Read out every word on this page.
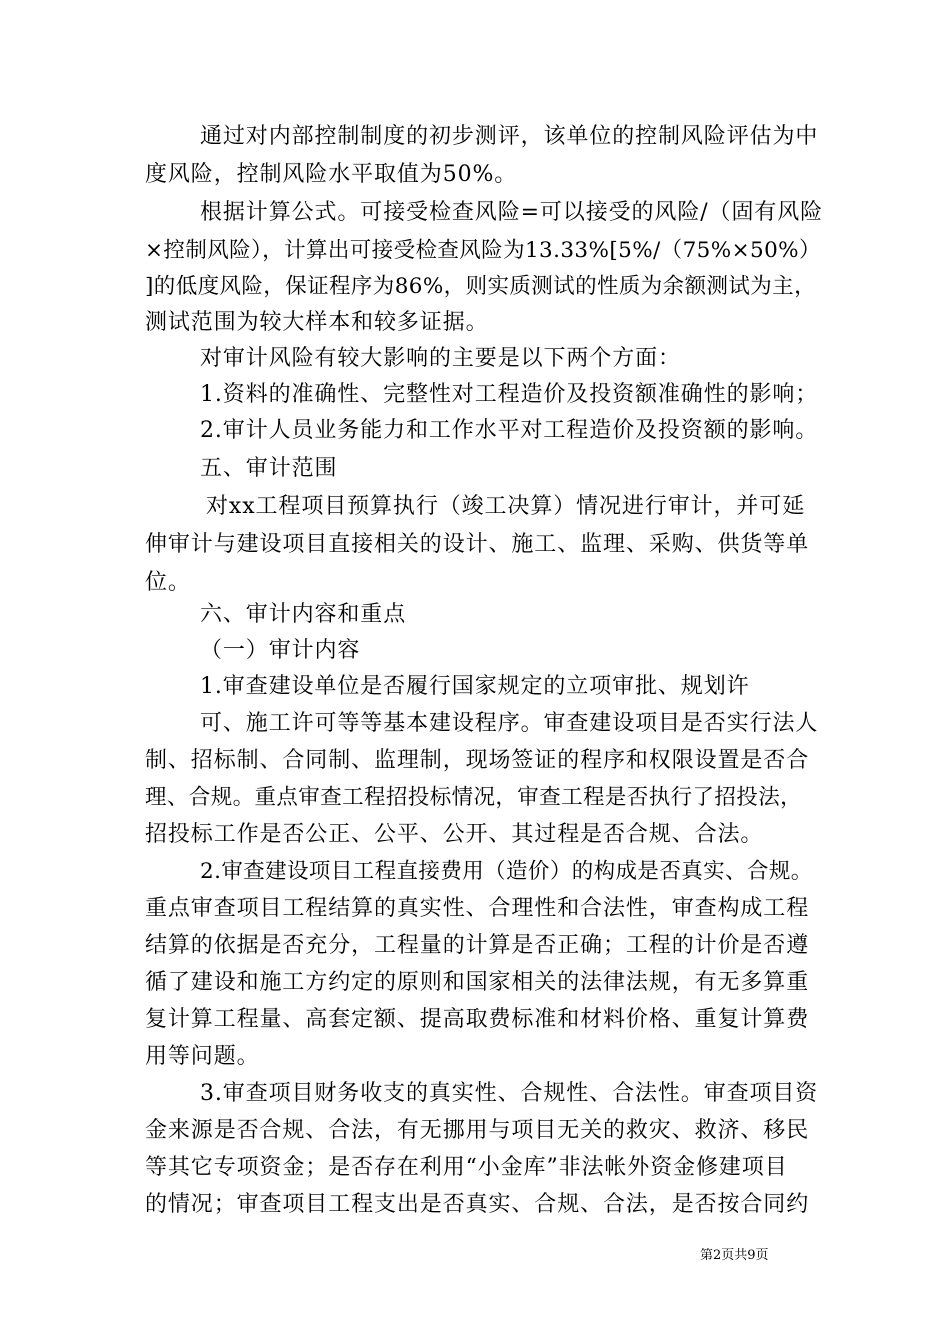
通过对内部控制制度的初步测评，该单位的控制风险评估为中

度风险，控制风险水平取值为50%。

根据计算公式。可接受检查风险=可以接受的风险/（固有风险

×控制风险），计算出可接受检查风险为13.33%[5%/（75%×50%）

]的低度风险，保证程序为86%，则实质测试的性质为余额测试为主，

测试范围为较大样本和较多证据。

对审计风险有较大影响的主要是以下两个方面：

1.资料的准确性、完整性对工程造价及投资额准确性的影响；

2.审计人员业务能力和工作水平对工程造价及投资额的影响。

五、审计范围

对xx工程项目预算执行（竣工决算）情况进行审计，并可延

伸审计与建设项目直接相关的设计、施工、监理、采购、供货等单

位。

六、审计内容和重点

（一）审计内容

1.审查建设单位是否履行国家规定的立项审批、规划许

可、施工许可等等基本建设程序。审查建设项目是否实行法人

制、招标制、合同制、监理制，现场签证的程序和权限设置是否合

理、合规。重点审查工程招投标情况，审查工程是否执行了招投法，

招投标工作是否公正、公平、公开、其过程是否合规、合法。

2.审查建设项目工程直接费用（造价）的构成是否真实、合规。

重点审查项目工程结算的真实性、合理性和合法性，审查构成工程

结算的依据是否充分，工程量的计算是否正确；工程的计价是否遵

循了建设和施工方约定的原则和国家相关的法律法规，有无多算重

复计算工程量、高套定额、提高取费标准和材料价格、重复计算费

用等问题。

3.审查项目财务收支的真实性、合规性、合法性。审查项目资

金来源是否合规、合法，有无挪用与项目无关的救灾、救济、移民

等其它专项资金；是否存在利用“小金库”非法帐外资金修建项目

的情况；审查项目工程支出是否真实、合规、合法，是否按合同约

第2页共9页
